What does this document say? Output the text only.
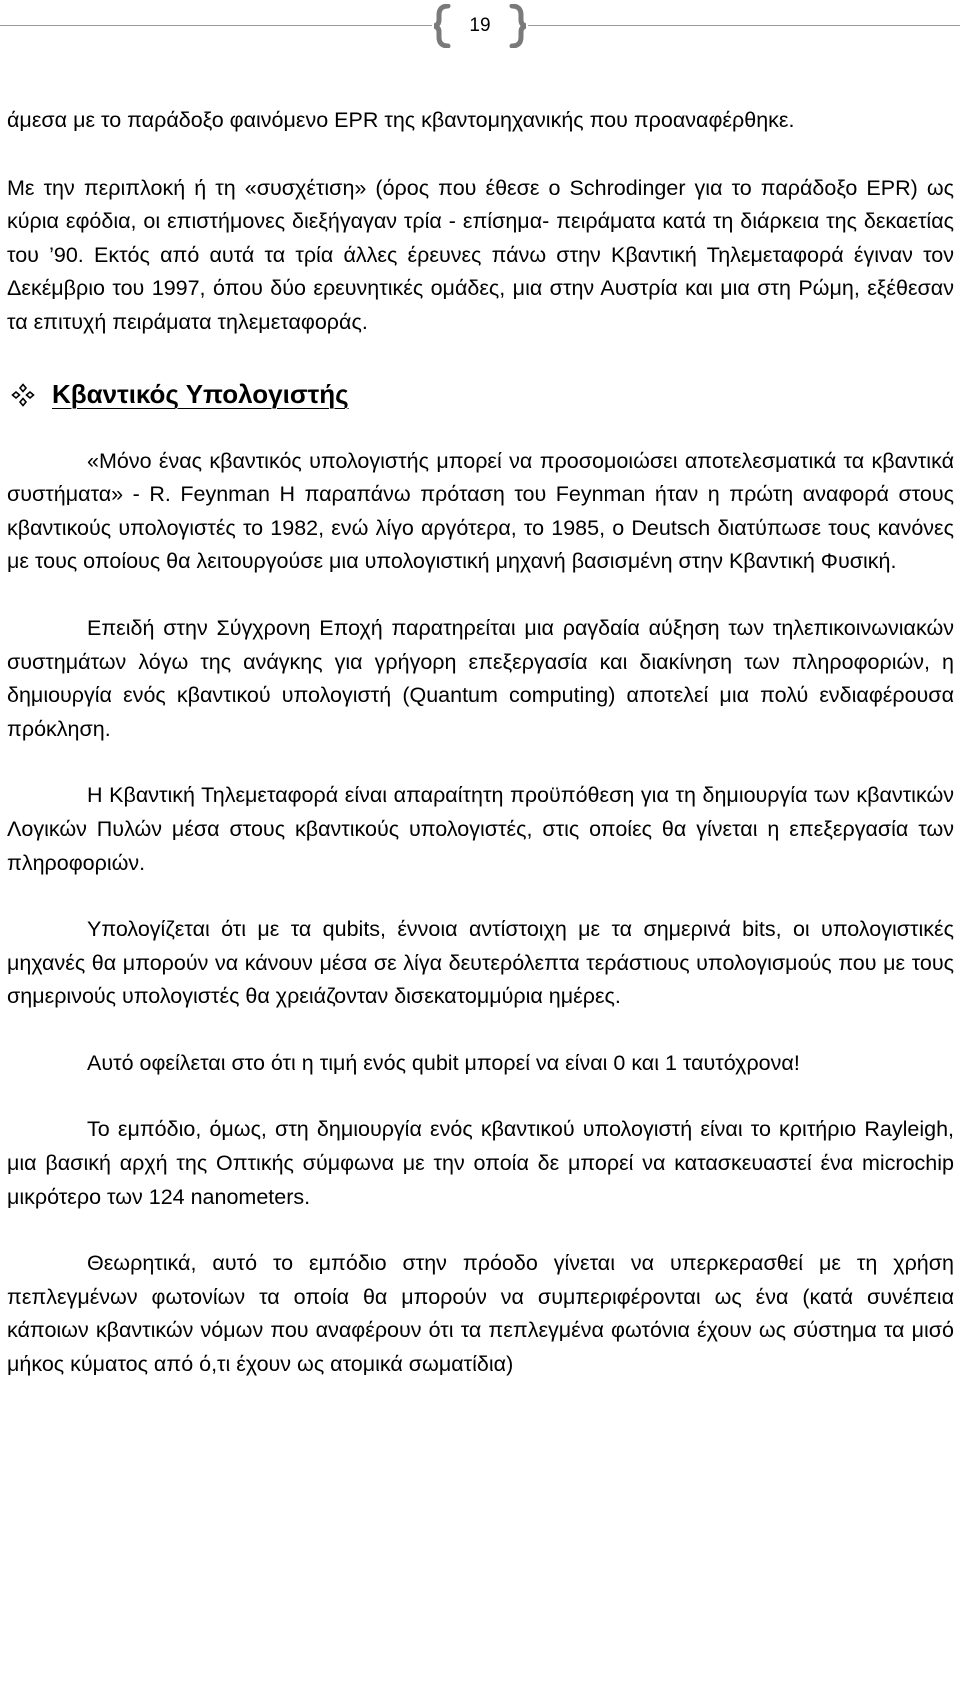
19

άμεσα με το παράδοξο φαινόμενο EPR της κβαντομηχανικής που προαναφέρθηκε.

Με την περιπλοκή ή τη «συσχέτιση» (όρος που έθεσε ο Schrodinger για το παράδοξο EPR) ως κύρια εφόδια, οι επιστήμονες διεξήγαγαν τρία - επίσημα- πειράματα κατά τη διάρκεια της δεκαετίας του ’90. Εκτός από αυτά τα τρία άλλες έρευνες πάνω στην Κβαντική Τηλεμεταφορά έγιναν τον Δεκέμβριο του 1997, όπου δύο ερευνητικές ομάδες, μια στην Αυστρία και μια στη Ρώμη, εξέθεσαν τα επιτυχή πειράματα τηλεμεταφοράς.

Κβαντικός Υπολογιστής

«Μόνο ένας κβαντικός υπολογιστής μπορεί να προσομοιώσει αποτελεσματικά τα κβαντικά συστήματα» - R. Feynman Η παραπάνω πρόταση του Feynman ήταν η πρώτη αναφορά στους κβαντικούς υπολογιστές το 1982, ενώ λίγο αργότερα, το 1985, ο Deutsch διατύπωσε τους κανόνες με τους οποίους θα λειτουργούσε μια υπολογιστική μηχανή βασισμένη στην Κβαντική Φυσική.

Επειδή στην Σύγχρονη Εποχή παρατηρείται μια ραγδαία αύξηση των τηλεπικοινωνιακών συστημάτων λόγω της ανάγκης για γρήγορη επεξεργασία και διακίνηση των πληροφοριών, η δημιουργία ενός κβαντικού υπολογιστή (Quantum computing) αποτελεί μια πολύ ενδιαφέρουσα πρόκληση.

Η Κβαντική Τηλεμεταφορά είναι απαραίτητη προϋπόθεση για τη δημιουργία των κβαντικών Λογικών Πυλών μέσα στους κβαντικούς υπολογιστές, στις οποίες θα γίνεται η επεξεργασία των πληροφοριών.

Υπολογίζεται ότι με τα qubits, έννοια αντίστοιχη με τα σημερινά bits, οι υπολογιστικές μηχανές θα μπορούν να κάνουν μέσα σε λίγα δευτερόλεπτα τεράστιους υπολογισμούς που με τους σημερινούς υπολογιστές θα χρειάζονταν δισεκατομμύρια ημέρες.

Αυτό οφείλεται στο ότι η τιμή ενός qubit μπορεί να είναι 0 και 1 ταυτόχρονα!

Το εμπόδιο, όμως, στη δημιουργία ενός κβαντικού υπολογιστή είναι το κριτήριο Rayleigh, μια βασική αρχή της Οπτικής σύμφωνα με την οποία δε μπορεί να κατασκευαστεί ένα microchip μικρότερο των 124 nanometers.

Θεωρητικά, αυτό το εμπόδιο στην πρόοδο γίνεται να υπερκερασθεί με τη χρήση πεπλεγμένων φωτονίων τα οποία θα μπορούν να συμπεριφέρονται ως ένα (κατά συνέπεια κάποιων κβαντικών νόμων που αναφέρουν ότι τα πεπλεγμένα φωτόνια έχουν ως σύστημα τα μισό μήκος κύματος από ό,τι έχουν ως ατομικά σωματίδια)
